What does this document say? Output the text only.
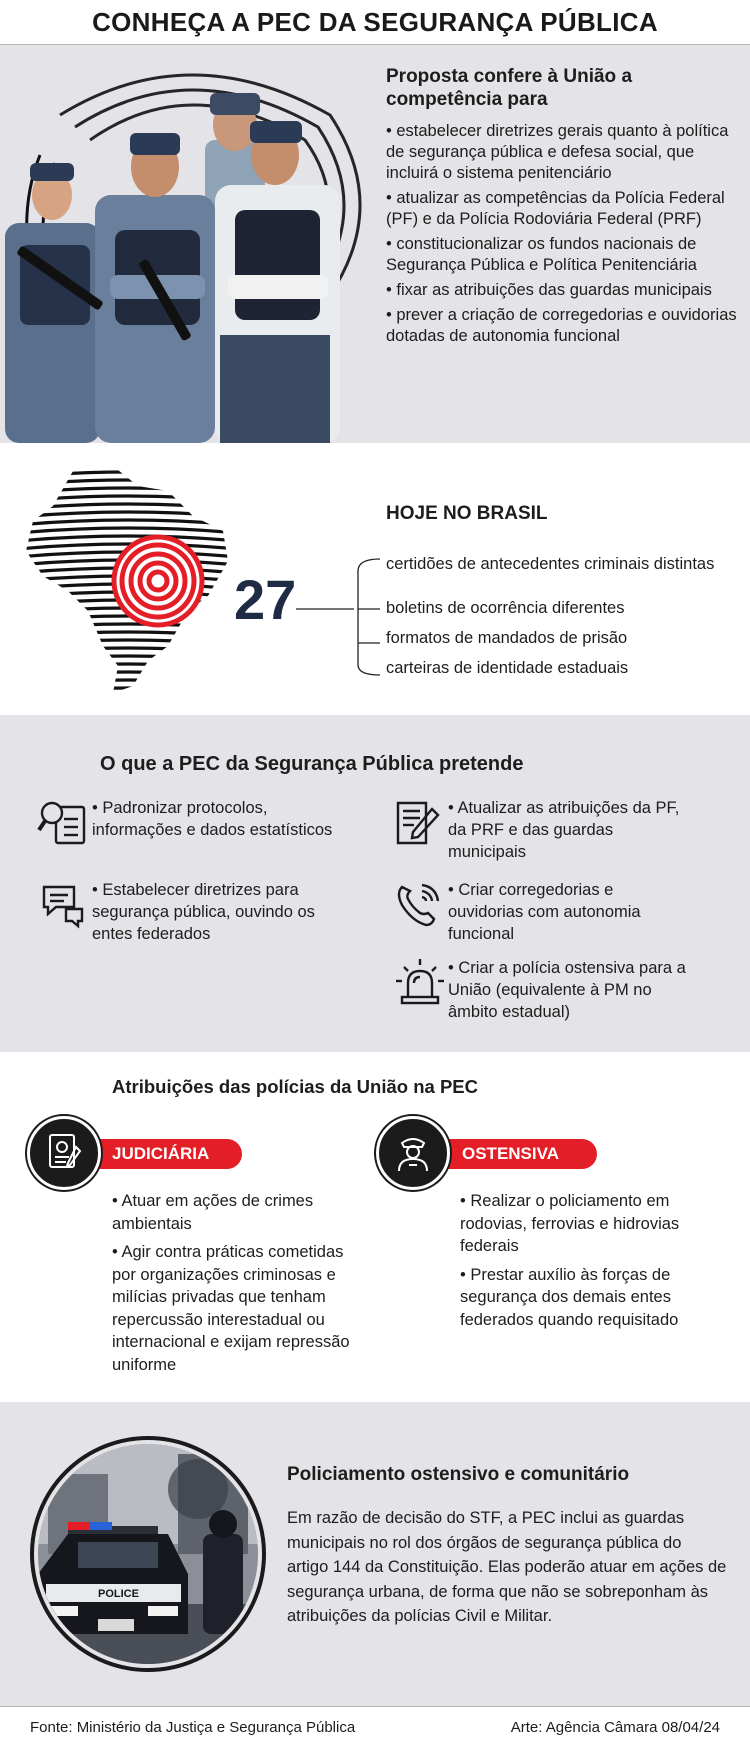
CONHEÇA A PEC DA SEGURANÇA PÚBLICA
Proposta confere à União a competência para
• estabelecer diretrizes gerais quanto à política de segurança pública e defesa social, que incluirá o sistema penitenciário
• atualizar as competências da Polícia Federal (PF) e da Polícia Rodoviária Federal (PRF)
• constitucionalizar os fundos nacionais de Segurança Pública e Política Penitenciária
• fixar as atribuições das guardas municipais
• prever a criação de corregedorias e ouvidorias dotadas de autonomia funcional
27
HOJE NO BRASIL
certidões de antecedentes criminais distintas
boletins de ocorrência diferentes
formatos de mandados de prisão
carteiras de identidade estaduais
O que a PEC da Segurança Pública pretende

• Padronizar protocolos, informações e dados estatísticos

• Estabelecer diretrizes para segurança pública, ouvindo os entes federados

• Atualizar as atribuições da PF, da PRF e das guardas municipais

• Criar corregedorias e ouvidorias com autonomia funcional

• Criar a polícia ostensiva para a União (equivalente à PM no âmbito estadual)

Atribuições das polícias da União na PEC
JUDICIÁRIA
• Atuar em ações de crimes ambientais
• Agir contra práticas cometidas por organizações criminosas e milícias privadas que tenham repercussão interestadual ou internacional e exijam repressão uniforme
OSTENSIVA
• Realizar o policiamento em rodovias, ferrovias e hidrovias federais
• Prestar auxílio às forças de segurança dos demais entes federados quando requisitado
POLICE
Policiamento ostensivo e comunitário

Em razão de decisão do STF, a PEC inclui as guardas municipais no rol dos órgãos de segurança pública do artigo 144 da Constituição. Elas poderão atuar em ações de segurança urbana, de forma que não se sobreponham às atribuições da polícias Civil e Militar.

Fonte: Ministério da Justiça e Segurança Pública	Arte: Agência Câmara 08/04/24
